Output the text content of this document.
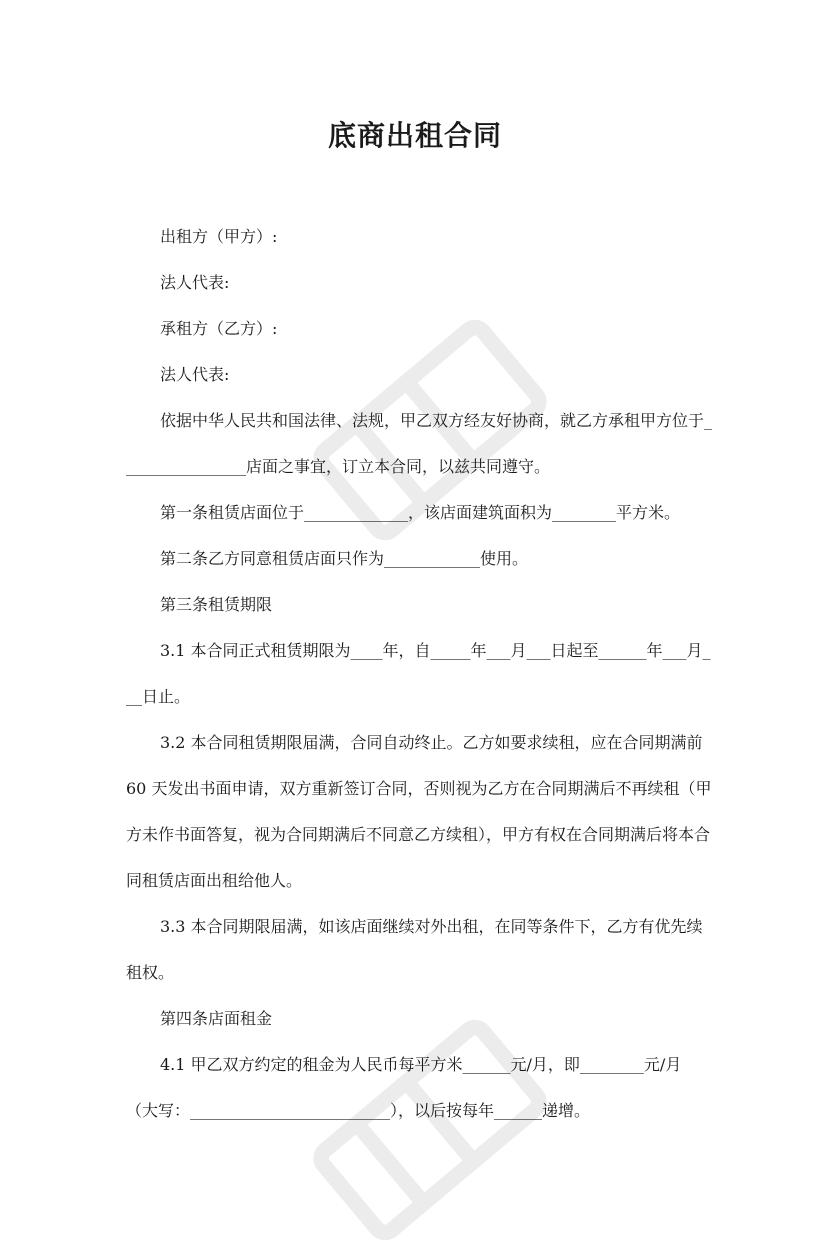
底商出租合同

出租方（甲方）:

法人代表:

承租方（乙方）:

法人代表:

依据中华人民共和国法律、法规，甲乙双方经友好协商，就乙方承租甲方位于________________店面之事宜，订立本合同，以兹共同遵守。

第一条租赁店面位于_____________，该店面建筑面积为________平方米。

第二条乙方同意租赁店面只作为____________使用。

第三条租赁期限

3.1 本合同正式租赁期限为____年，自_____年___月___日起至______年___月___日止。

3.2 本合同租赁期限届满，合同自动终止。乙方如要求续租，应在合同期满前 60 天发出书面申请，双方重新签订合同，否则视为乙方在合同期满后不再续租（甲方未作书面答复，视为合同期满后不同意乙方续租），甲方有权在合同期满后将本合同租赁店面出租给他人。

3.3 本合同期限届满，如该店面继续对外出租，在同等条件下，乙方有优先续租权。

第四条店面租金

4.1 甲乙双方约定的租金为人民币每平方米______元/月，即________元/月（大写：_________________________），以后按每年______递增。
